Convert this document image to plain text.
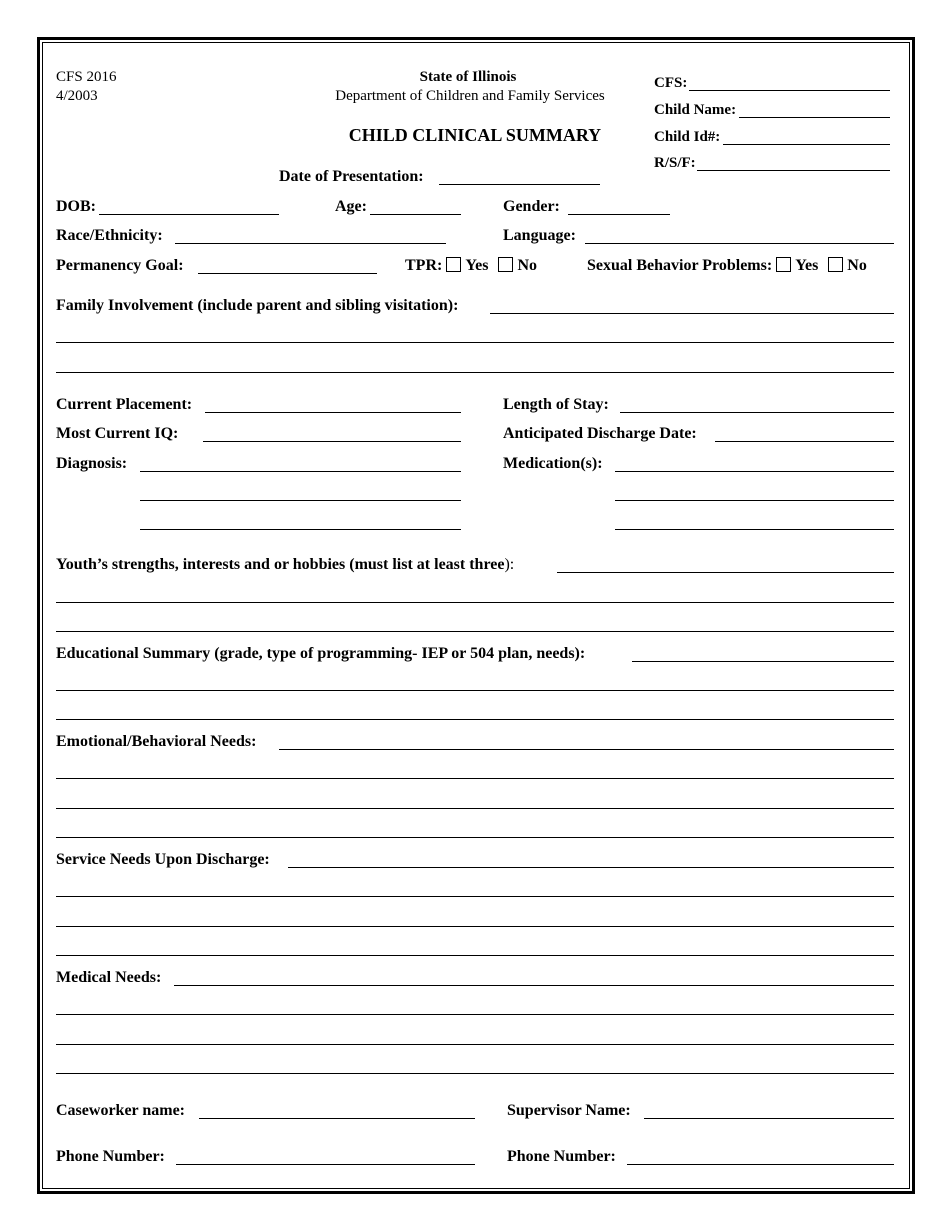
CFS 2016
4/2003
State of Illinois
Department of Children and Family Services
CHILD CLINICAL SUMMARY
CFS:
Child Name:
Child Id#:
R/S/F:
Date of Presentation:
DOB:	Age:	Gender:
Race/Ethnicity:	Language:
Permanency Goal:	TPR: Yes No	Sexual Behavior Problems: Yes No
Family Involvement (include parent and sibling visitation):
Current Placement:	Length of Stay:
Most Current IQ:	Anticipated Discharge Date:
Diagnosis:	Medication(s):
Youth’s strengths, interests and or hobbies (must list at least three):
Educational Summary (grade, type of programming- IEP or 504 plan, needs):
Emotional/Behavioral Needs:
Service Needs Upon Discharge:
Medical Needs:
Caseworker name:	Supervisor Name:
Phone Number:	Phone Number:
